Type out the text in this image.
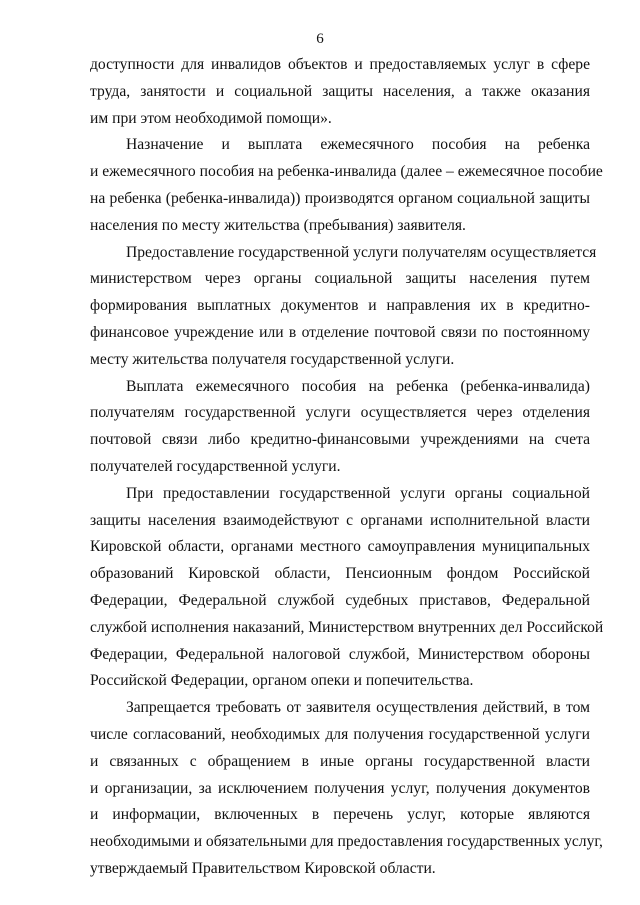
6
доступности для инвалидов объектов и предоставляемых услуг в сфере
труда, занятости и социальной защиты населения, а также оказания
им при этом необходимой помощи».
Назначение и выплата ежемесячного пособия на ребенка
и ежемесячного пособия на ребенка-инвалида (далее – ежемесячное пособие
на ребенка (ребенка-инвалида)) производятся органом социальной защиты
населения по месту жительства (пребывания) заявителя.
Предоставление государственной услуги получателям осуществляется
министерством через органы социальной защиты населения путем
формирования выплатных документов и направления их в кредитно-
финансовое учреждение или в отделение почтовой связи по постоянному
месту жительства получателя государственной услуги.
Выплата ежемесячного пособия на ребенка (ребенка-инвалида)
получателям государственной услуги осуществляется через отделения
почтовой связи либо кредитно-финансовыми учреждениями на счета
получателей государственной услуги.
При предоставлении государственной услуги органы социальной
защиты населения взаимодействуют с органами исполнительной власти
Кировской области, органами местного самоуправления муниципальных
образований Кировской области, Пенсионным фондом Российской
Федерации, Федеральной службой судебных приставов, Федеральной
службой исполнения наказаний, Министерством внутренних дел Российской
Федерации, Федеральной налоговой службой, Министерством обороны
Российской Федерации, органом опеки и попечительства.
Запрещается требовать от заявителя осуществления действий, в том
числе согласований, необходимых для получения государственной услуги
и связанных с обращением в иные органы государственной власти
и организации, за исключением получения услуг, получения документов
и информации, включенных в перечень услуг, которые являются
необходимыми и обязательными для предоставления государственных услуг,
утверждаемый Правительством Кировской области.
